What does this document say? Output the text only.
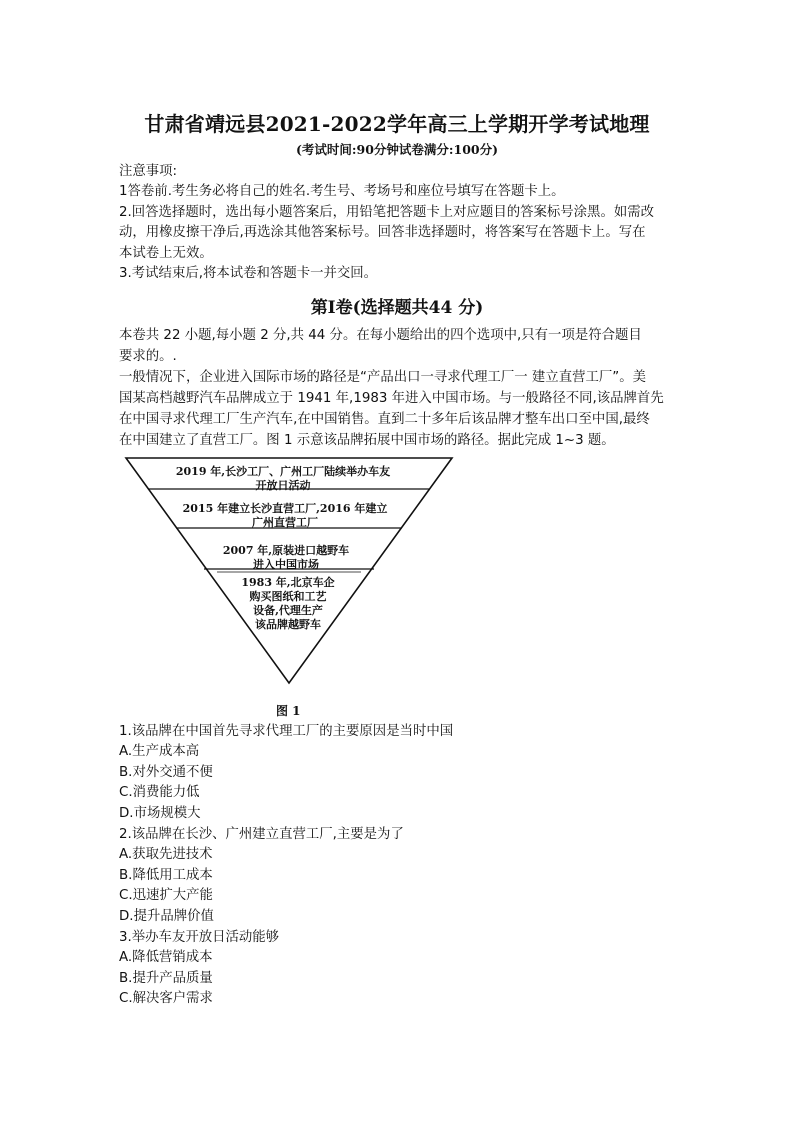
甘肃省靖远县2021-2022学年高三上学期开学考试地理
(考试时间:90分钟试卷满分:100分)
注意事项:
1答卷前.考生务必将自己的姓名.考生号、考场号和座位号填写在答题卡上。
2.回答选择题时，选出每小题答案后，用铅笔把答题卡上对应题目的答案标号涂黑。如需改
动，用橡皮擦干净后,再选涂其他答案标号。回答非选择题时，将答案写在答题卡上。写在
本试卷上无效。
3.考试结束后,将本试卷和答题卡一并交回。
第Ⅰ卷(选择题共44 分)
本卷共 22 小题,每小题 2 分,共 44 分。在每小题给出的四个选项中,只有一项是符合题目
要求的。.
一般情况下，企业进入国际市场的路径是“产品出口一寻求代理工厂一 建立直营工厂”。美
国某高档越野汽车品牌成立于 1941 年,1983 年进入中国市场。与一般路径不同,该品牌首先
在中国寻求代理工厂生产汽车,在中国销售。直到二十多年后该品牌才整车出口至中国,最终
在中国建立了直营工厂。图 1 示意该品牌拓展中国市场的路径。据此完成 1~3 题。
2019 年,长沙工厂、广州工厂陆续举办车友
开放日活动
2015 年建立长沙直营工厂,2016 年建立
广州直营工厂
2007 年,原装进口越野车
进入中国市场
1983 年,北京车企
购买图纸和工艺
设备,代理生产
该品牌越野车
图 1
1.该品牌在中国首先寻求代理工厂的主要原因是当时中国
A.生产成本高
B.对外交通不便
C.消费能力低
D.市场规模大
2.该品牌在长沙、广州建立直营工厂,主要是为了
A.获取先进技术
B.降低用工成本
C.迅速扩大产能
D.提升品牌价值
3.举办车友开放日活动能够
A.降低营销成本
B.提升产品质量
C.解决客户需求
